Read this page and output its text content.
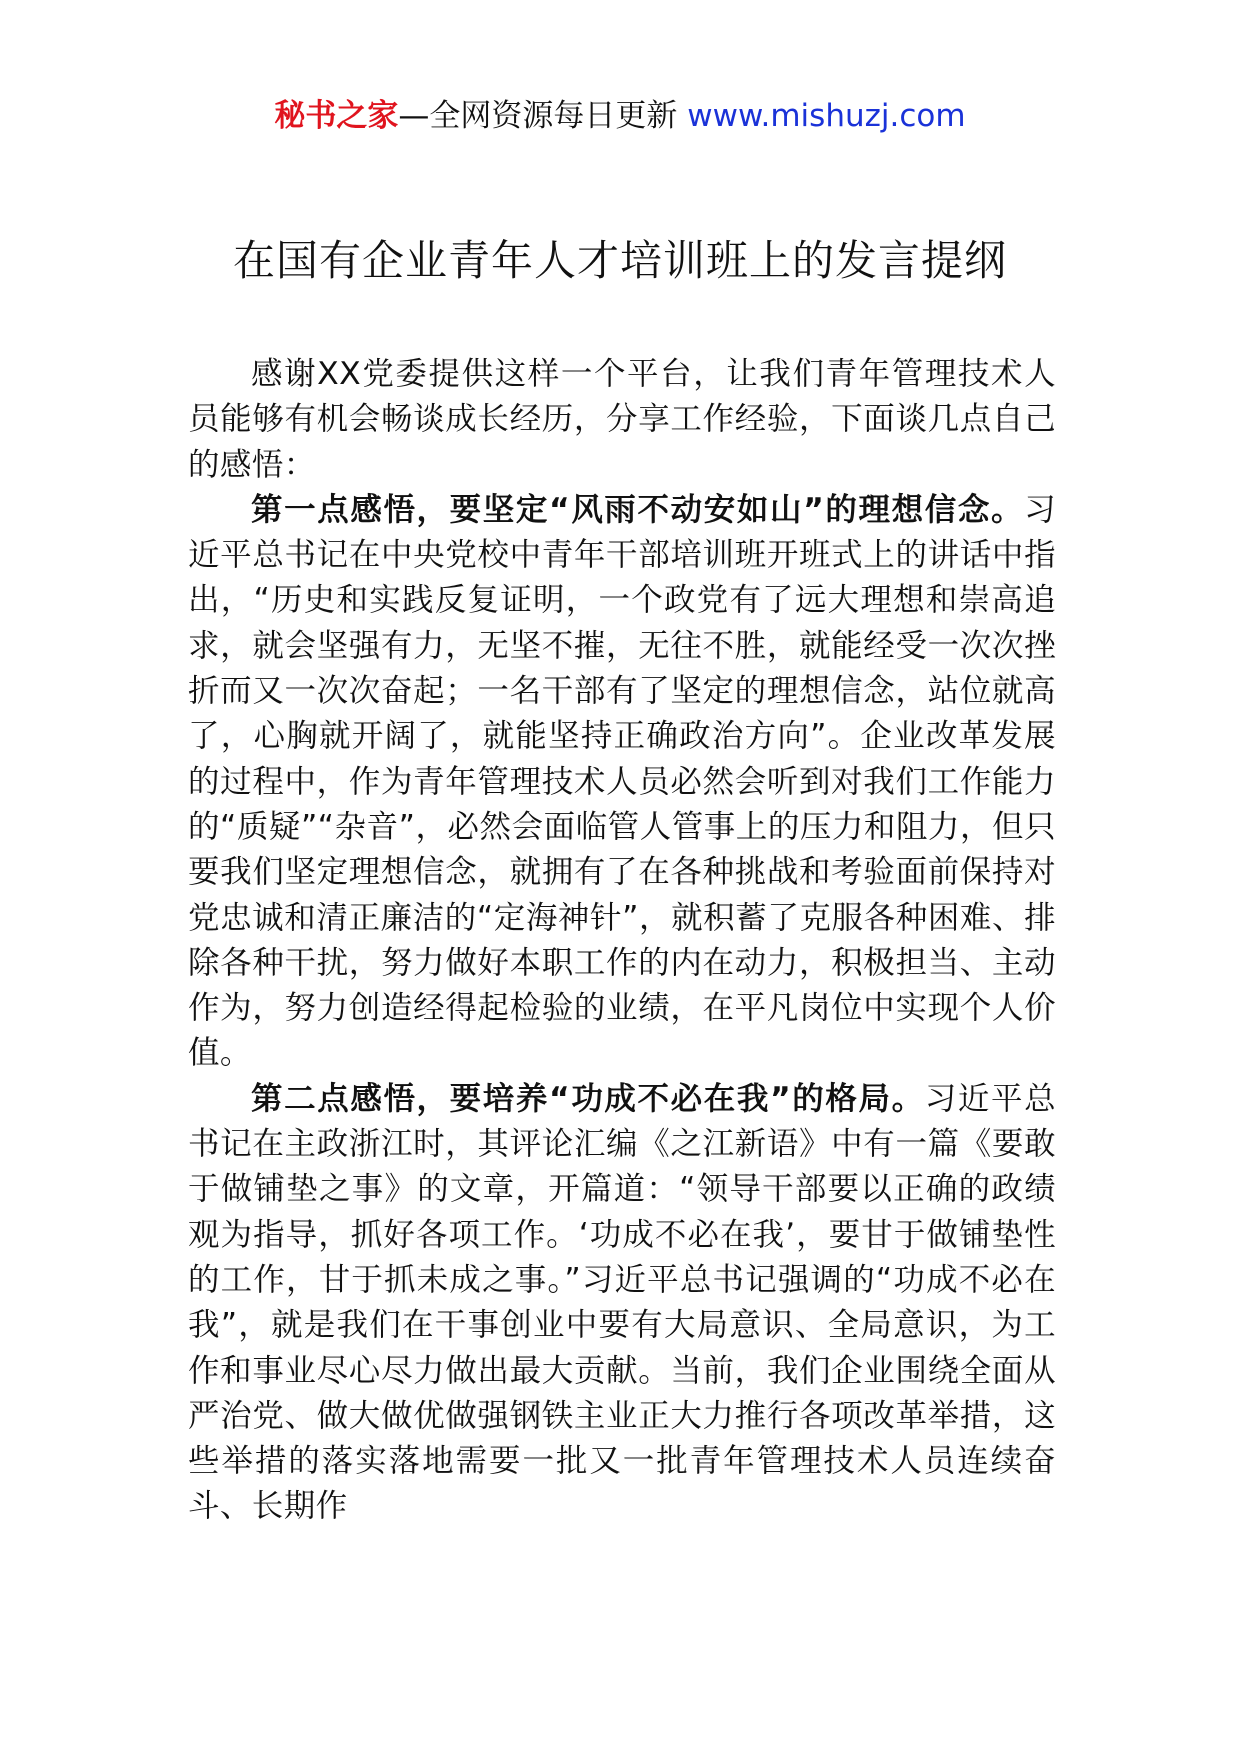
秘书之家—全网资源每日更新 www.mishuzj.com
在国有企业青年人才培训班上的发言提纲

感谢XX党委提供这样一个平台，让我们青年管理技术人员能够有机会畅谈成长经历，分享工作经验，下面谈几点自己的感悟：

第一点感悟，要坚定“风雨不动安如山”的理想信念。习近平总书记在中央党校中青年干部培训班开班式上的讲话中指出，“历史和实践反复证明，一个政党有了远大理想和崇高追求，就会坚强有力，无坚不摧，无往不胜，就能经受一次次挫折而又一次次奋起；一名干部有了坚定的理想信念，站位就高了，心胸就开阔了，就能坚持正确政治方向”。企业改革发展的过程中，作为青年管理技术人员必然会听到对我们工作能力的“质疑”“杂音”，必然会面临管人管事上的压力和阻力，但只要我们坚定理想信念，就拥有了在各种挑战和考验面前保持对党忠诚和清正廉洁的“定海神针”，就积蓄了克服各种困难、排除各种干扰，努力做好本职工作的内在动力，积极担当、主动作为，努力创造经得起检验的业绩，在平凡岗位中实现个人价值。

第二点感悟，要培养“功成不必在我”的格局。习近平总书记在主政浙江时，其评论汇编《之江新语》中有一篇《要敢于做铺垫之事》的文章，开篇道：“领导干部要以正确的政绩观为指导，抓好各项工作。‘功成不必在我’，要甘于做铺垫性的工作，甘于抓未成之事。”习近平总书记强调的“功成不必在我”，就是我们在干事创业中要有大局意识、全局意识，为工作和事业尽心尽力做出最大贡献。当前，我们企业围绕全面从严治党、做大做优做强钢铁主业正大力推行各项改革举措，这些举措的落实落地需要一批又一批青年管理技术人员连续奋斗、长期作
